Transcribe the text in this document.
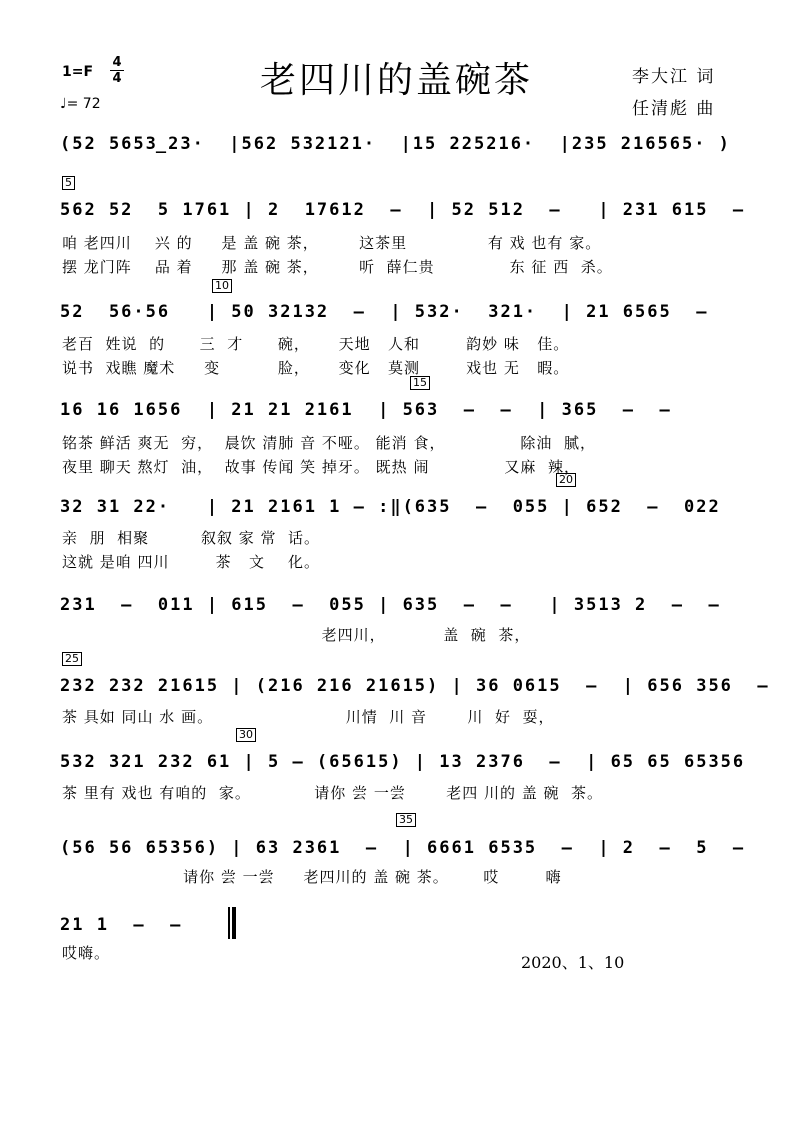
老四川的盖碗茶
1=F
4
4
♩= 72
李大江 词
任清彪 曲
(52 5653̲23·  |562 532121·  |15 225216·  |235 216565· )
5
562 52  5 1761 | 2  17612  –  | 52 512  –   | 231 615  –
咱 老四川    兴 的     是 盖 碗 茶，       这茶里              有 戏 也有 家。
摆 龙门阵    品 着     那 盖 碗 茶，       听  薛仁贵             东 征 西  杀。
10
52  56·56   | 50 32132  –  | 532·  321·  | 21 6565  –
老百  姓说  的      三  才      碗，     天地   人和        韵妙 味   佳。
说书  戏瞧 魔术     变          脸，     变化   莫测        戏也 无   暇。
15
16 16 1656  | 21 21 2161  | 563  –  –  | 365  –  –
铭茶 鲜活 爽无  穷，  晨饮 清肺 音 不哑。 能消 食，             除油  腻，
夜里 聊天 熬灯  油，  故事 传闻 笑 掉牙。 既热 闹             又麻  辣，
20
32 31 22·   | 21 2161 1 – :‖(635  –  055 | 652  –  022
亲  朋  相聚         叙叙 家 常  话。
这就 是咱 四川        茶   文    化。
231  –  011 | 615  –  055 | 635  –  –   | 3513 2  –  –
老四川，          盖  碗  茶，
25
232 232 21615 | (216 216 21615) | 36 0615  –  | 656 356  –
茶 具如 同山 水 画。                       川情  川 音       川  好  耍，
30
532 321 232 61 | 5 – (65615) | 13 2376  –  | 65 65 65356
茶 里有 戏也 有咱的  家。           请你 尝 一尝       老四 川的 盖 碗  茶。
35
(56 56 65356) | 63 2361  –  | 6661 6535  –  | 2  –  5  –
请你 尝 一尝     老四川的 盖 碗 茶。      哎        嗨
21 1  –  –
哎嗨。	2020、1、10
